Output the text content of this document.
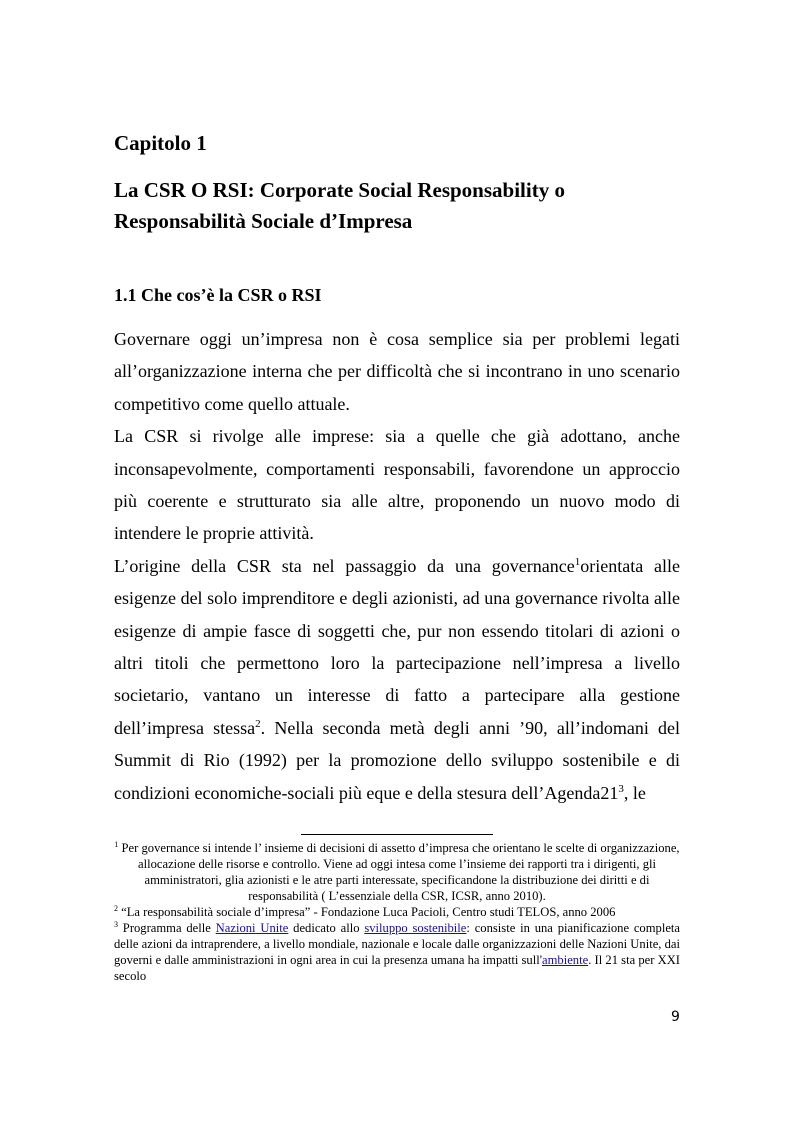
Capitolo 1
La CSR O RSI: Corporate Social Responsability o Responsabilità Sociale d’Impresa
1.1 Che cos’è la CSR o RSI

Governare oggi un’impresa non è cosa semplice sia per problemi legati all’organizzazione interna che per difficoltà che si incontrano in uno scenario competitivo come quello attuale.

La CSR si rivolge alle imprese: sia a quelle che già adottano, anche inconsapevolmente, comportamenti responsabili, favorendone un approccio più coerente e strutturato sia alle altre, proponendo un nuovo modo di intendere le proprie attività.

L’origine della CSR sta nel passaggio da una governance$^1$orientata alle esigenze del solo imprenditore e degli azionisti, ad una governance rivolta alle esigenze di ampie fasce di soggetti che, pur non essendo titolari di azioni o altri titoli che permettono loro la partecipazione nell’impresa a livello societario, vantano un interesse di fatto a partecipare alla gestione dell’impresa stessa$^2$. Nella seconda metà degli anni ’90, all’indomani del Summit di Rio (1992) per la promozione dello sviluppo sostenibile e di condizioni economiche-sociali più eque e della stesura $dell’Agenda21^3$, le

$^1$ Per governance si intende l’ insieme di decisioni di assetto d’impresa che orientano le scelte di organizzazione, allocazione delle risorse e controllo. Viene ad oggi intesa come l’insieme dei rapporti tra i dirigenti, gli amministratori, glia azionisti e le atre parti interessate, specificandone la distribuzione dei diritti e di responsabilità ( L’essenziale della CSR, ICSR, anno 2010).

$^2$ “La responsabilità sociale d’impresa” - Fondazione Luca Pacioli, Centro studi TELOS, anno 2006

$^3$ Programma delle Nazioni Unite dedicato allo sviluppo sostenibile: consiste in una pianificazione completa delle azioni da intraprendere, a livello mondiale, nazionale e locale dalle organizzazioni delle Nazioni Unite, dai governi e dalle amministrazioni in ogni area in cui la presenza umana ha impatti sull'ambiente. Il 21 sta per XXI secolo

9
